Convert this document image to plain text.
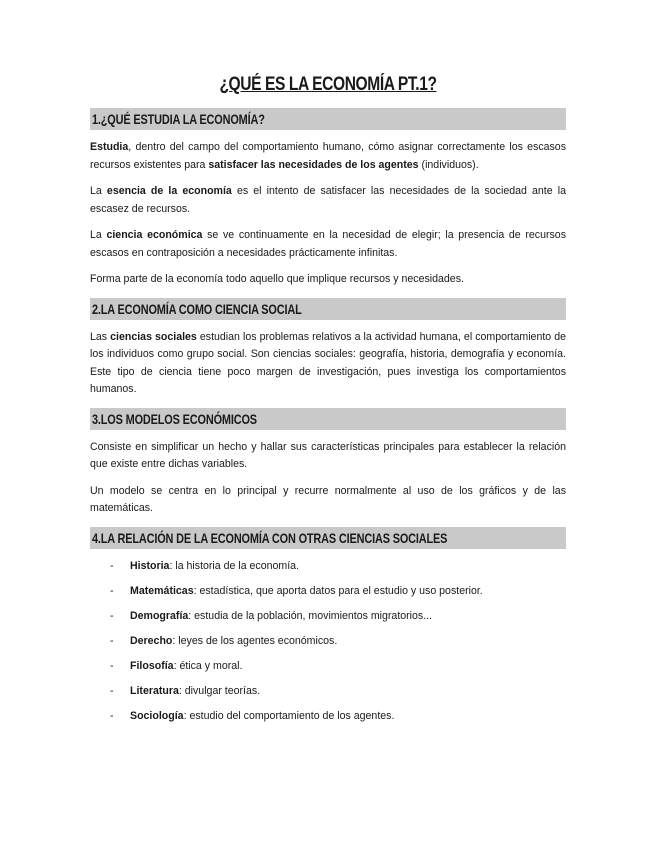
¿QUÉ ES LA ECONOMÍA PT.1?
1.¿QUÉ ESTUDIA LA ECONOMÍA?

Estudia, dentro del campo del comportamiento humano, cómo asignar correctamente los escasos recursos existentes para satisfacer las necesidades de los agentes (individuos).

La esencia de la economía es el intento de satisfacer las necesidades de la sociedad ante la escasez de recursos.

La ciencia económica se ve continuamente en la necesidad de elegir; la presencia de recursos escasos en contraposición a necesidades prácticamente infinitas.

Forma parte de la economía todo aquello que implique recursos y necesidades.

2.LA ECONOMÍA COMO CIENCIA SOCIAL

Las ciencias sociales estudian los problemas relativos a la actividad humana, el comportamiento de los individuos como grupo social. Son ciencias sociales: geografía, historia, demografía y economía. Este tipo de ciencia tiene poco margen de investigación, pues investiga los comportamientos humanos.

3.LOS MODELOS ECONÓMICOS

Consiste en simplificar un hecho y hallar sus características principales para establecer la relación que existe entre dichas variables.

Un modelo se centra en lo principal y recurre normalmente al uso de los gráficos y de las matemáticas.

4.LA RELACIÓN DE LA ECONOMÍA CON OTRAS CIENCIAS SOCIALES
- Historia: la historia de la economía.
- Matemáticas: estadística, que aporta datos para el estudio y uso posterior.
- Demografía: estudia de la población, movimientos migratorios...
- Derecho: leyes de los agentes económicos.
- Filosofía: ética y moral.
- Literatura: divulgar teorías.
- Sociología: estudio del comportamiento de los agentes.
